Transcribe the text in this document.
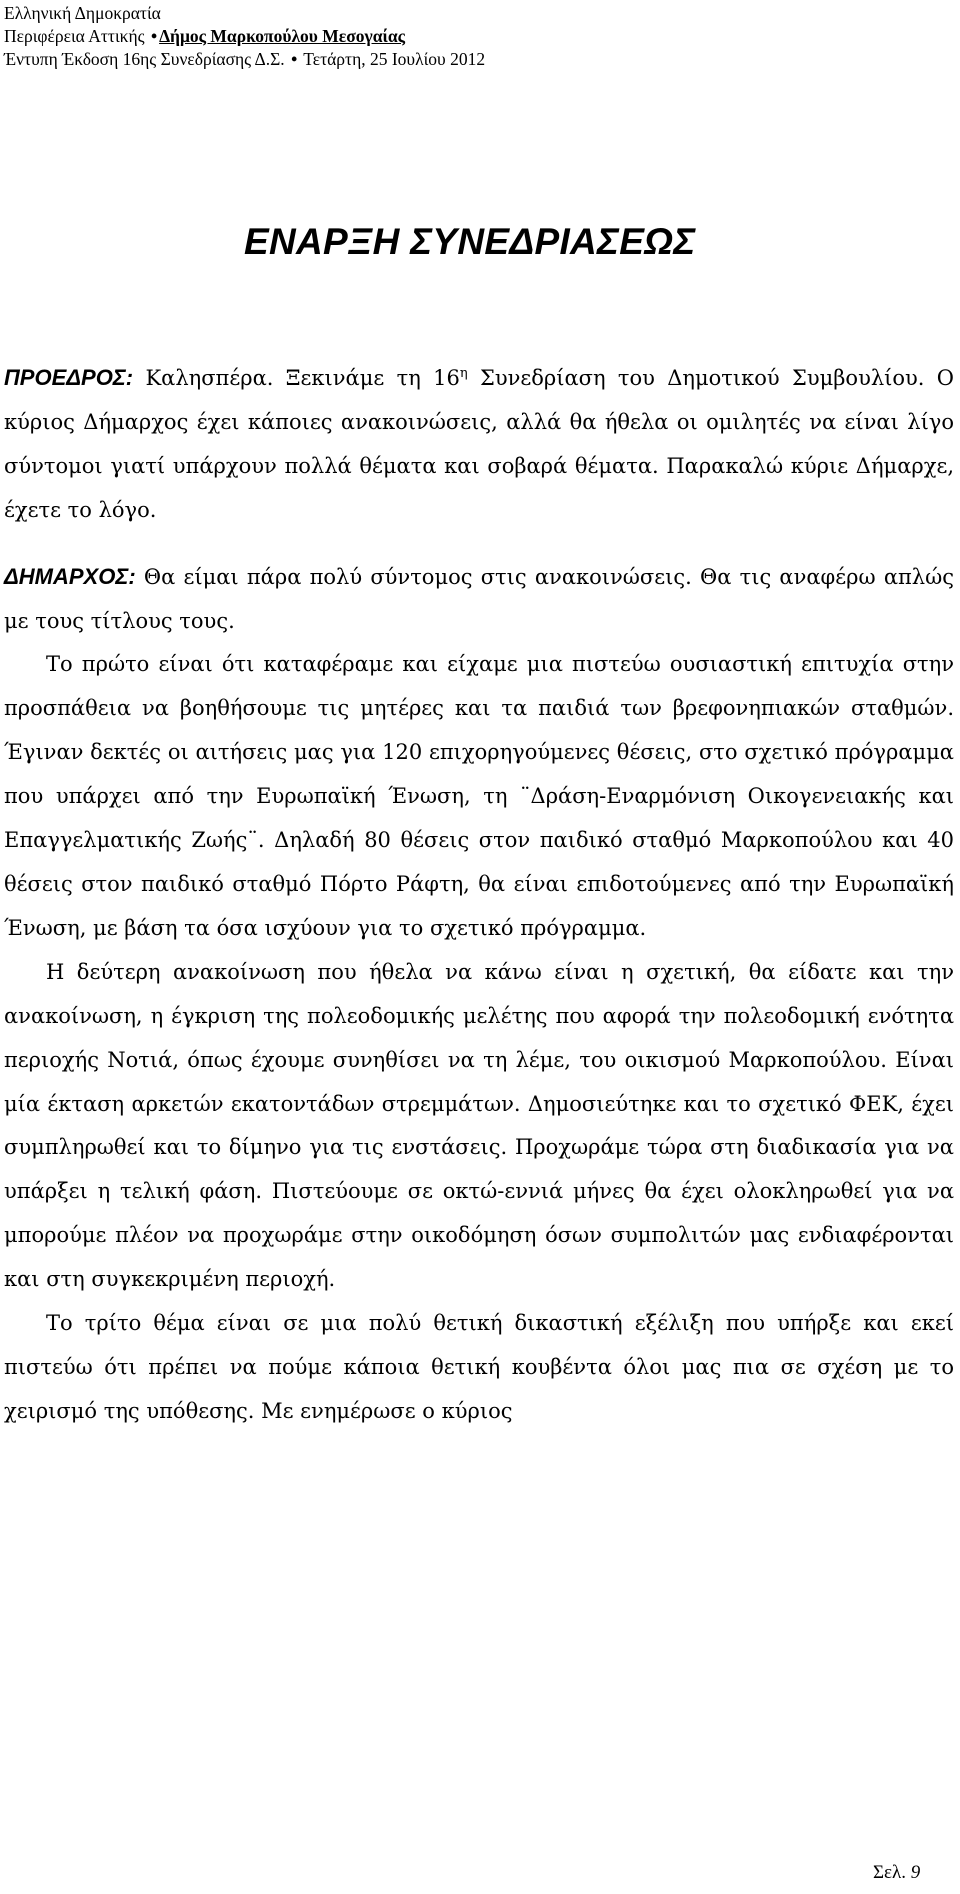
Ελληνική Δημοκρατία
Περιφέρεια Αττικής • Δήμος Μαρκοπούλου Μεσογαίας
Έντυπη Έκδοση 16ης Συνεδρίασης Δ.Σ. • Τετάρτη, 25 Ιουλίου 2012
ΕΝΑΡΞΗ ΣΥΝΕΔΡΙΑΣΕΩΣ

ΠΡΟΕΔΡΟΣ: Καλησπέρα. Ξεκινάμε τη $16^\eta$ Συνεδρίαση του Δημοτικού Συμβουλίου. Ο κύριος Δήμαρχος έχει κάποιες ανακοινώσεις, αλλά θα ήθελα οι ομιλητές να είναι λίγο σύντομοι γιατί υπάρχουν πολλά θέματα και σοβαρά θέματα. Παρακαλώ κύριε Δήμαρχε, έχετε το λόγο.

ΔΗΜΑΡΧΟΣ: Θα είμαι πάρα πολύ σύντομος στις ανακοινώσεις. Θα τις αναφέρω απλώς με τους τίτλους τους.

Το πρώτο είναι ότι καταφέραμε και είχαμε μια πιστεύω ουσιαστική επιτυχία στην προσπάθεια να βοηθήσουμε τις μητέρες και τα παιδιά των βρεφονηπιακών σταθμών. Έγιναν δεκτές οι αιτήσεις μας για 120 επιχορηγούμενες θέσεις, στο σχετικό πρόγραμμα που υπάρχει από την Ευρωπαϊκή Ένωση, τη ¨Δράση-Εναρμόνιση Οικογενειακής και Επαγγελματικής Ζωής¨. Δηλαδή 80 θέσεις στον παιδικό σταθμό Μαρκοπούλου και 40 θέσεις στον παιδικό σταθμό Πόρτο Ράφτη, θα είναι επιδοτούμενες από την Ευρωπαϊκή Ένωση, με βάση τα όσα ισχύουν για το σχετικό πρόγραμμα.

Η δεύτερη ανακοίνωση που ήθελα να κάνω είναι η σχετική, θα είδατε και την ανακοίνωση, η έγκριση της πολεοδομικής μελέτης που αφορά την πολεοδομική ενότητα περιοχής Νοτιά, όπως έχουμε συνηθίσει να τη λέμε, του οικισμού Μαρκοπούλου. Είναι μία έκταση αρκετών εκατοντάδων στρεμμάτων. Δημοσιεύτηκε και το σχετικό ΦΕΚ, έχει συμπληρωθεί και το δίμηνο για τις ενστάσεις. Προχωράμε τώρα στη διαδικασία για να υπάρξει η τελική φάση. Πιστεύουμε σε οκτώ-εννιά μήνες θα έχει ολοκληρωθεί για να μπορούμε πλέον να προχωράμε στην οικοδόμηση όσων συμπολιτών μας ενδιαφέρονται και στη συγκεκριμένη περιοχή.

Το τρίτο θέμα είναι σε μια πολύ θετική δικαστική εξέλιξη που υπήρξε και εκεί πιστεύω ότι πρέπει να πούμε κάποια θετική κουβέντα όλοι μας πια σε σχέση με το χειρισμό της υπόθεσης. Με ενημέρωσε ο κύριος

Σελ. 9
